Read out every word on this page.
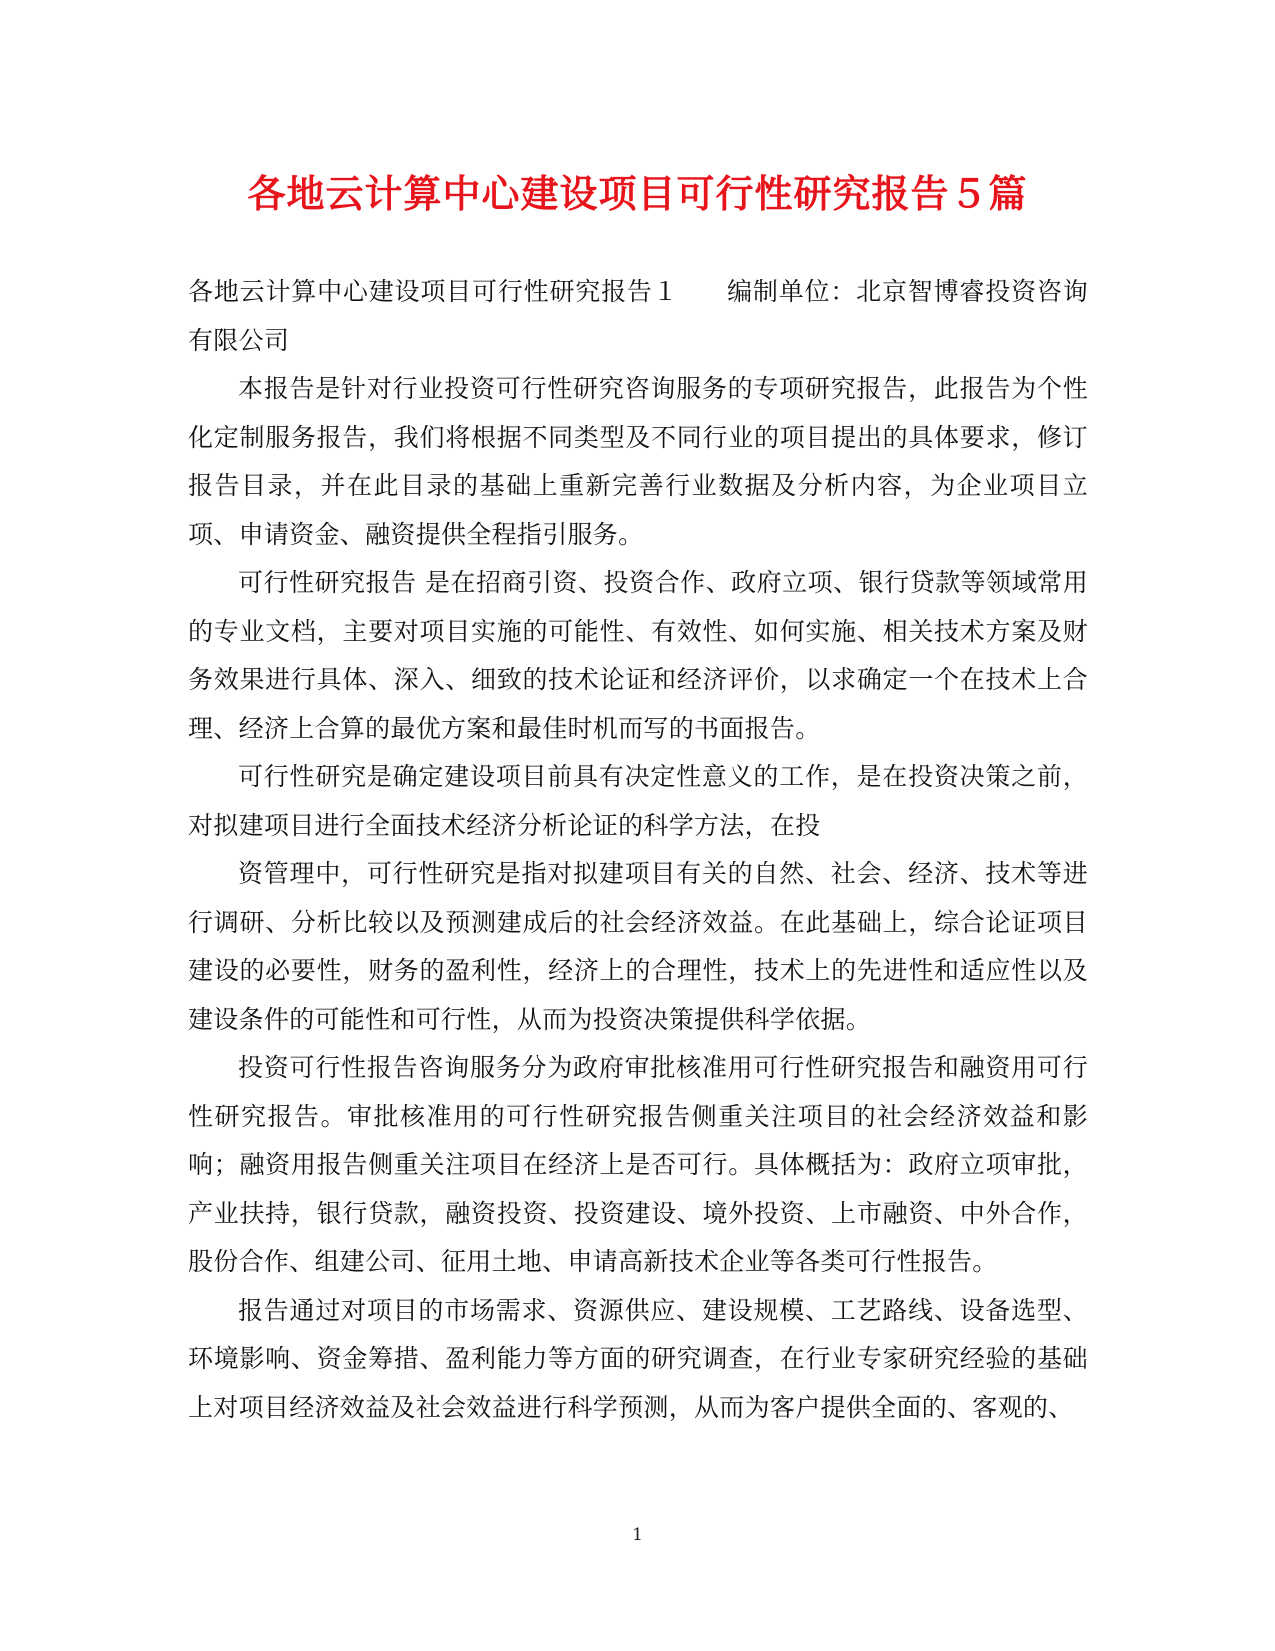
各地云计算中心建设项目可行性研究报告５篇

各地云计算中心建设项目可行性研究报告１ 编制单位：北京智博睿投资咨询有限公司

本报告是针对行业投资可行性研究咨询服务的专项研究报告，此报告为个性化定制服务报告，我们将根据不同类型及不同行业的项目提出的具体要求，修订报告目录，并在此目录的基础上重新完善行业数据及分析内容，为企业项目立项、申请资金、融资提供全程指引服务。

可行性研究报告 是在招商引资、投资合作、政府立项、银行贷款等领域常用的专业文档，主要对项目实施的可能性、有效性、如何实施、相关技术方案及财务效果进行具体、深入、细致的技术论证和经济评价，以求确定一个在技术上合理、经济上合算的最优方案和最佳时机而写的书面报告。

可行性研究是确定建设项目前具有决定性意义的工作，是在投资决策之前，对拟建项目进行全面技术经济分析论证的科学方法，在投

资管理中，可行性研究是指对拟建项目有关的自然、社会、经济、技术等进行调研、分析比较以及预测建成后的社会经济效益。在此基础上，综合论证项目建设的必要性，财务的盈利性，经济上的合理性，技术上的先进性和适应性以及建设条件的可能性和可行性，从而为投资决策提供科学依据。

投资可行性报告咨询服务分为政府审批核准用可行性研究报告和融资用可行性研究报告。审批核准用的可行性研究报告侧重关注项目的社会经济效益和影响；融资用报告侧重关注项目在经济上是否可行。具体概括为：政府立项审批，产业扶持，银行贷款，融资投资、投资建设、境外投资、上市融资、中外合作，股份合作、组建公司、征用土地、申请高新技术企业等各类可行性报告。

报告通过对项目的市场需求、资源供应、建设规模、工艺路线、设备选型、环境影响、资金筹措、盈利能力等方面的研究调查，在行业专家研究经验的基础上对项目经济效益及社会效益进行科学预测，从而为客户提供全面的、客观的、

1
